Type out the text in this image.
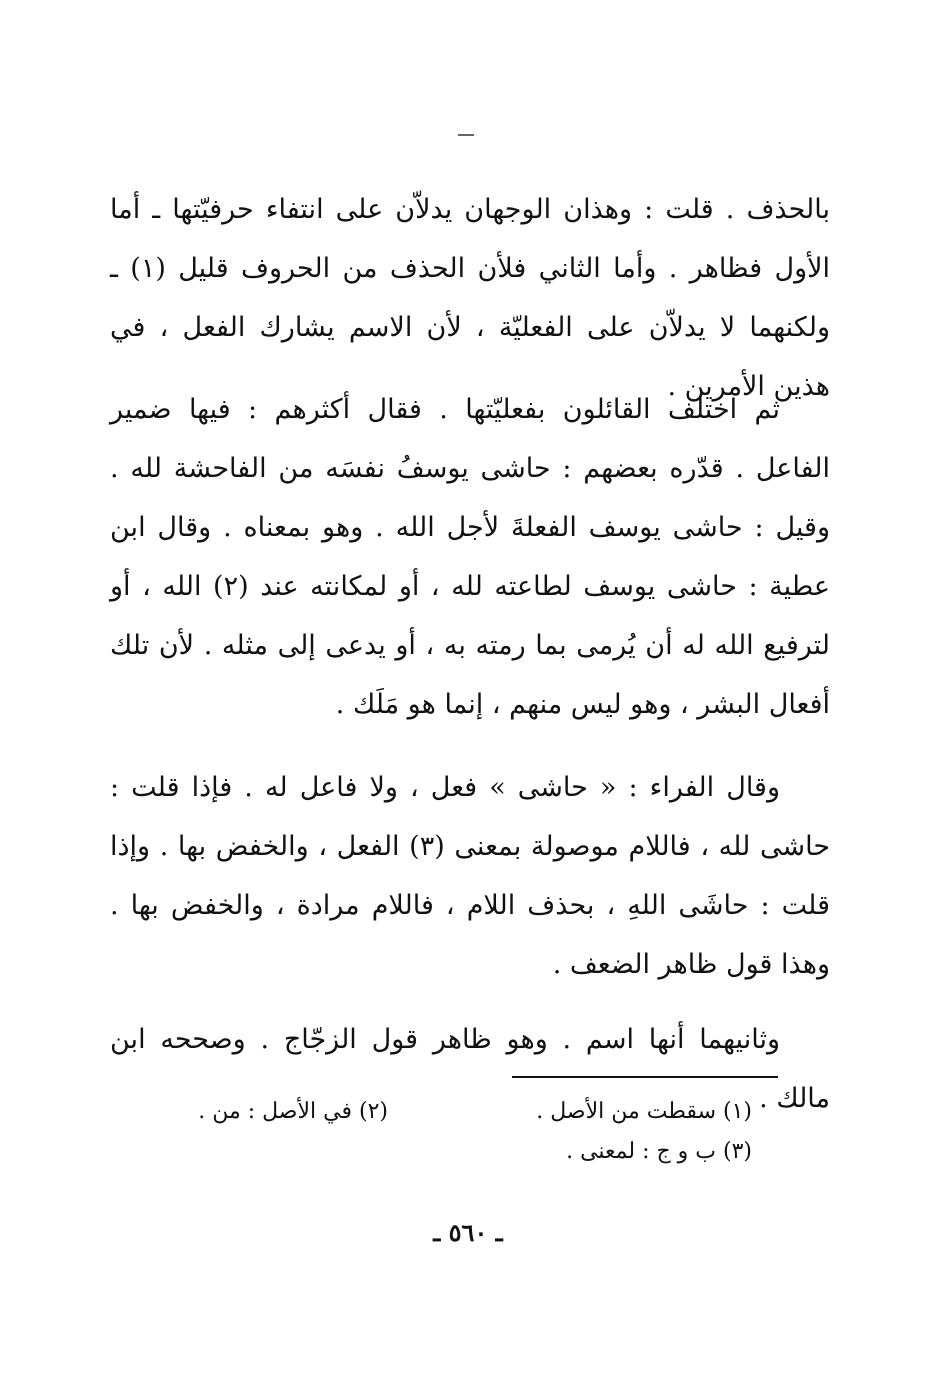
بالحذف . قلت : وهذان الوجهان يدلاّن على انتفاء حرفيّتها ـ أما الأول فظاهر . وأما الثاني فلأن الحذف من الحروف قليل (١) ـ ولكنهما لا يدلاّن على الفعليّة ، لأن الاسم يشارك الفعل ، في هذين الأمرين .

ثم اختلف القائلون بفعليّتها . فقال أكثرهم : فيها ضمير الفاعل . قدّره بعضهم : حاشى يوسفُ نفسَه من الفاحشة لله . وقيل : حاشى يوسف الفعلةَ لأجل الله . وهو بمعناه . وقال ابن عطية : حاشى يوسف لطاعته لله ، أو لمكانته عند (٢) الله ، أو لترفيع الله له أن يُرمى بما رمته به ، أو يدعى إلى مثله . لأن تلك أفعال البشر ، وهو ليس منهم ، إنما هو مَلَك .

وقال الفراء : « حاشى » فعل ، ولا فاعل له . فإذا قلت : حاشى لله ، فاللام موصولة بمعنى (٣) الفعل ، والخفض بها . وإذا قلت : حاشَى اللهِ ، بحذف اللام ، فاللام مرادة ، والخفض بها . وهذا قول ظاهر الضعف .

وثانيهما أنها اسم . وهو ظاهر قول الزجّاج . وصححه ابن مالك .

(١) سقطت من الأصل .
(٢) في الأصل : من .
(٣) ب و ج : لمعنى .
ـ ٥٦٠ ـ
